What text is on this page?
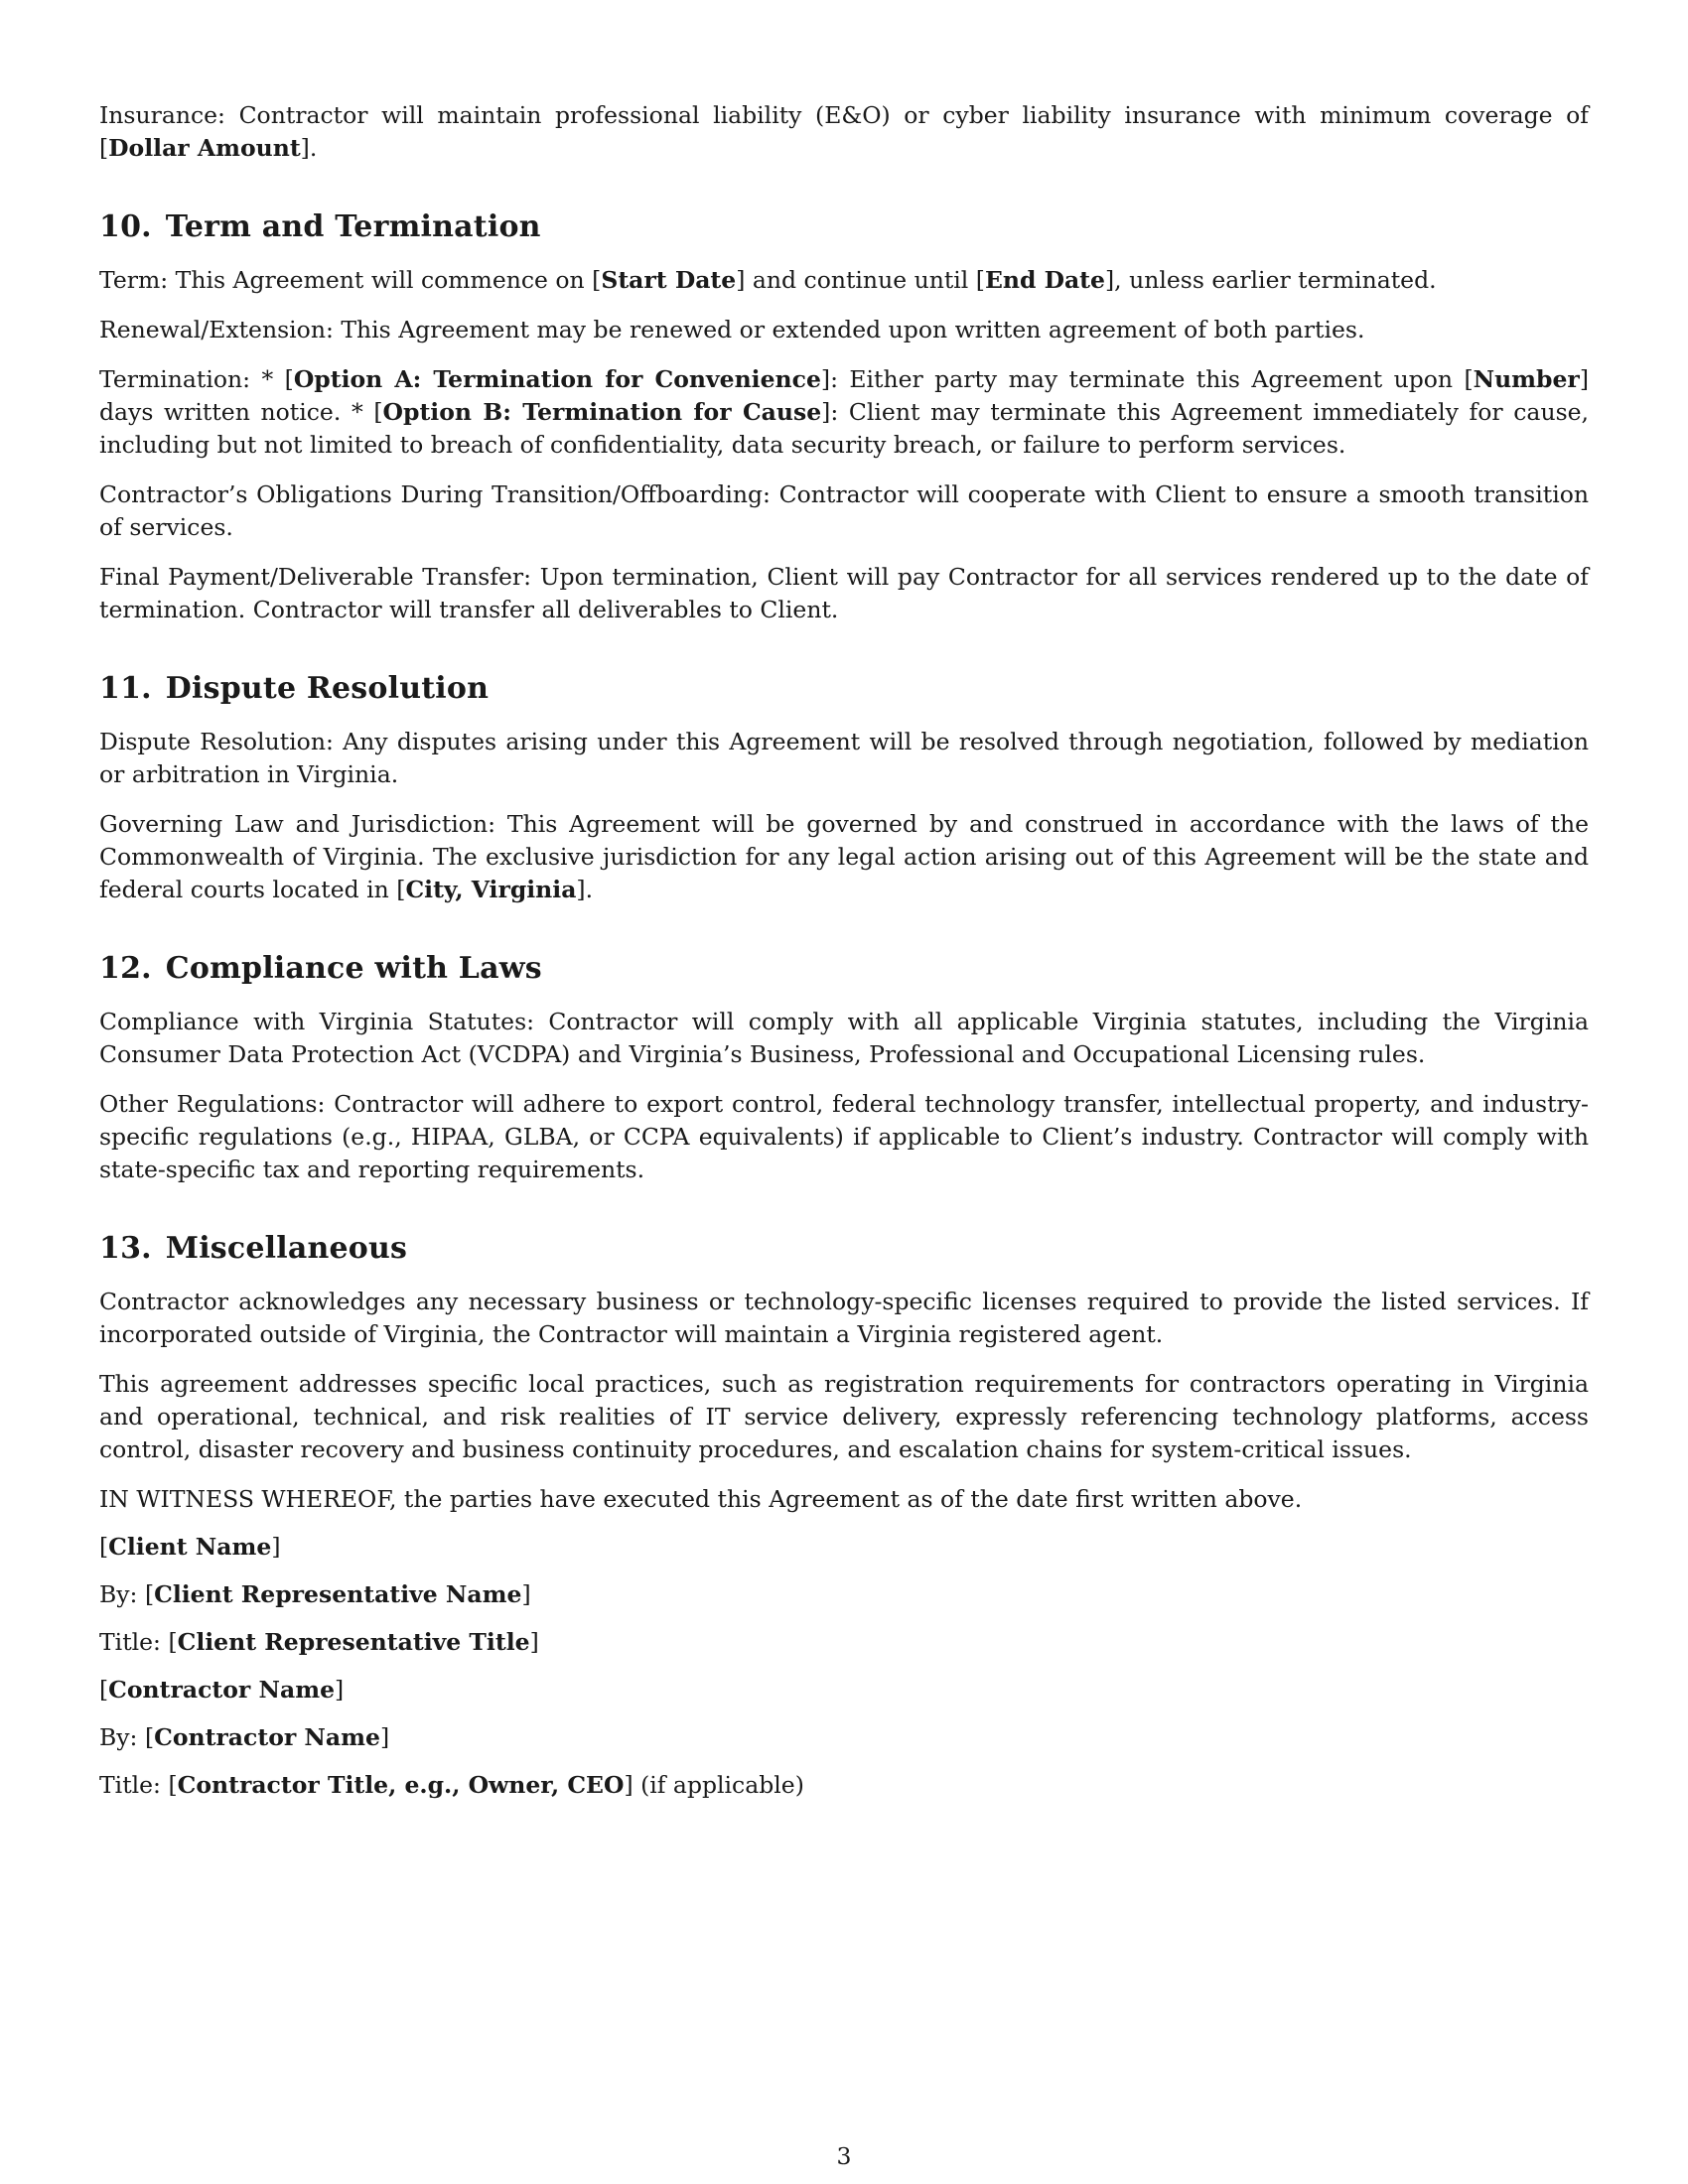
Insurance: Contractor will maintain professional liability (E&O) or cyber liability insurance with minimum coverage of [Dollar Amount].

10. Term and Termination

Term: This Agreement will commence on [Start Date] and continue until [End Date], unless earlier terminated.

Renewal/Extension: This Agreement may be renewed or extended upon written agreement of both parties.

Termination: * [Option A: Termination for Convenience]: Either party may terminate this Agreement upon [Number] days written notice. * [Option B: Termination for Cause]: Client may terminate this Agreement immediately for cause, including but not limited to breach of confidentiality, data security breach, or failure to perform services.

Contractor’s Obligations During Transition/Offboarding: Contractor will cooperate with Client to ensure a smooth transition of services.

Final Payment/Deliverable Transfer: Upon termination, Client will pay Contractor for all services rendered up to the date of termination. Contractor will transfer all deliverables to Client.

11. Dispute Resolution

Dispute Resolution: Any disputes arising under this Agreement will be resolved through negotiation, followed by mediation or arbitration in Virginia.

Governing Law and Jurisdiction: This Agreement will be governed by and construed in accordance with the laws of the Commonwealth of Virginia. The exclusive jurisdiction for any legal action arising out of this Agreement will be the state and federal courts located in [City, Virginia].

12. Compliance with Laws

Compliance with Virginia Statutes: Contractor will comply with all applicable Virginia statutes, including the Virginia Consumer Data Protection Act (VCDPA) and Virginia’s Business, Professional and Occupational Licensing rules.

Other Regulations: Contractor will adhere to export control, federal technology transfer, intellectual property, and industry-specific regulations (e.g., HIPAA, GLBA, or CCPA equivalents) if applicable to Client’s industry. Contractor will comply with state-specific tax and reporting requirements.

13. Miscellaneous

Contractor acknowledges any necessary business or technology-specific licenses required to provide the listed services. If incorporated outside of Virginia, the Contractor will maintain a Virginia registered agent.

This agreement addresses specific local practices, such as registration requirements for contractors operating in Virginia and operational, technical, and risk realities of IT service delivery, expressly referencing technology platforms, access control, disaster recovery and business continuity procedures, and escalation chains for system-critical issues.

IN WITNESS WHEREOF, the parties have executed this Agreement as of the date first written above.

[Client Name]

By: [Client Representative Name]

Title: [Client Representative Title]

[Contractor Name]

By: [Contractor Name]

Title: [Contractor Title, e.g., Owner, CEO] (if applicable)

3
